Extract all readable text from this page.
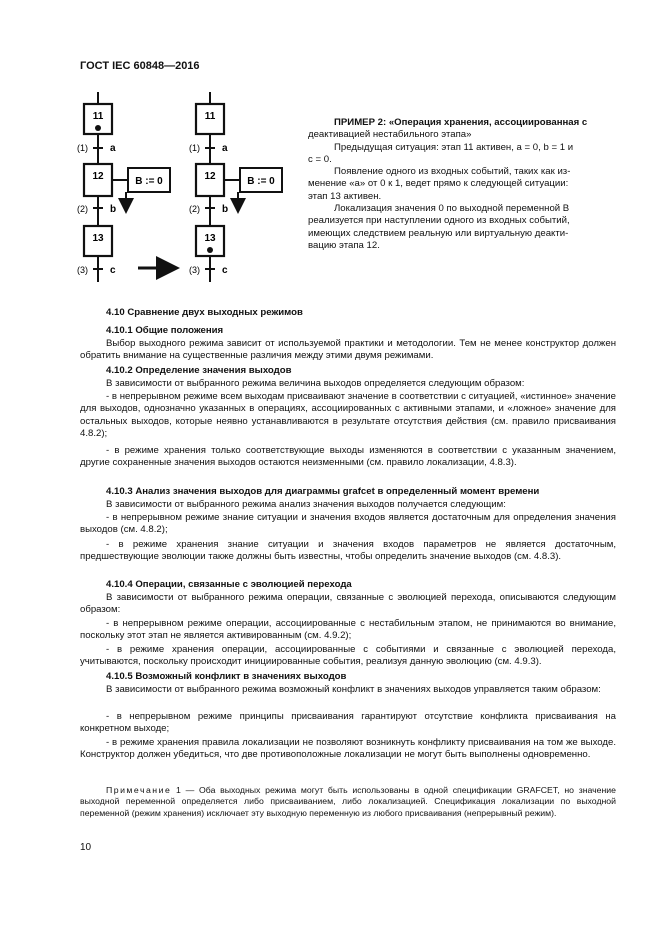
ГОСТ IEC 60848—2016
11
(1) a
12	B := 0
(2) b
13
(3) c
11
(1) a
12	B := 0
(2) b
13
(3) c
ПРИМЕР 2: «Операция хранения, ассоциированная с
деактивацией нестабильного этапа»
Предыдущая ситуация: этап 11 активен, a = 0, b = 1 и
c = 0.
Появление одного из входных событий, таких как из-
менение «а» от 0 к 1, ведет прямо к следующей ситуации:
этап 13 активен.
Локализация значения 0 по выходной переменной B
реализуется при наступлении одного из входных событий,
имеющих следствием реальную или виртуальную деакти-
вацию этапа 12.
4.10 Сравнение двух выходных режимов
4.10.1 Общие положения
Выбор выходного режима зависит от используемой практики и методологии. Тем не менее конструктор должен обратить внимание на существенные различия между этими двумя режимами.
4.10.2 Определение значения выходов
В зависимости от выбранного режима величина выходов определяется следующим образом:
- в непрерывном режиме всем выходам присваивают значение в соответствии с ситуацией, «истинное» значение для выходов, однозначно указанных в операциях, ассоциированных с активными этапами, и «ложное» значение для остальных выходов, которые неявно устанавливаются в результате отсутствия действия (см. правило присваивания 4.8.2);
- в режиме хранения только соответствующие выходы изменяются в соответствии с указанным значением, другие сохраненные значения выходов остаются неизменными (см. правило локализации, 4.8.3).
4.10.3 Анализ значения выходов для диаграммы grafcet в определенный момент времени
В зависимости от выбранного режима анализ значения выходов получается следующим:
- в непрерывном режиме знание ситуации и значения входов является достаточным для определения значения выходов (см. 4.8.2);
- в режиме хранения знание ситуации и значения входов параметров не является достаточным, предшествующие эволюции также должны быть известны, чтобы определить значение выходов (см. 4.8.3).
4.10.4 Операции, связанные с эволюцией перехода
В зависимости от выбранного режима операции, связанные с эволюцией перехода, описываются следующим образом:
- в непрерывном режиме операции, ассоциированные с нестабильным этапом, не принимаются во внимание, поскольку этот этап не является активированным (см. 4.9.2);
- в режиме хранения операции, ассоциированные с событиями и связанные с эволюцией перехода, учитываются, поскольку происходит инициированные события, реализуя данную эволюцию (см. 4.9.3).
4.10.5 Возможный конфликт в значениях выходов
В зависимости от выбранного режима возможный конфликт в значениях выходов управляется таким образом:
- в непрерывном режиме принципы присваивания гарантируют отсутствие конфликта присваивания на конкретном выходе;
- в режиме хранения правила локализации не позволяют возникнуть конфликту присваивания на том же выходе. Конструктор должен убедиться, что две противоположные локализации не могут быть выполнены одновременно.
Примечание 1 — Оба выходных режима могут быть использованы в одной спецификации GRAFCET, но значение выходной переменной определяется либо присваиванием, либо локализацией. Спецификация локализации по выходной переменной (режим хранения) исключает эту выходную переменную из любого присваивания (непрерывный режим).
10
